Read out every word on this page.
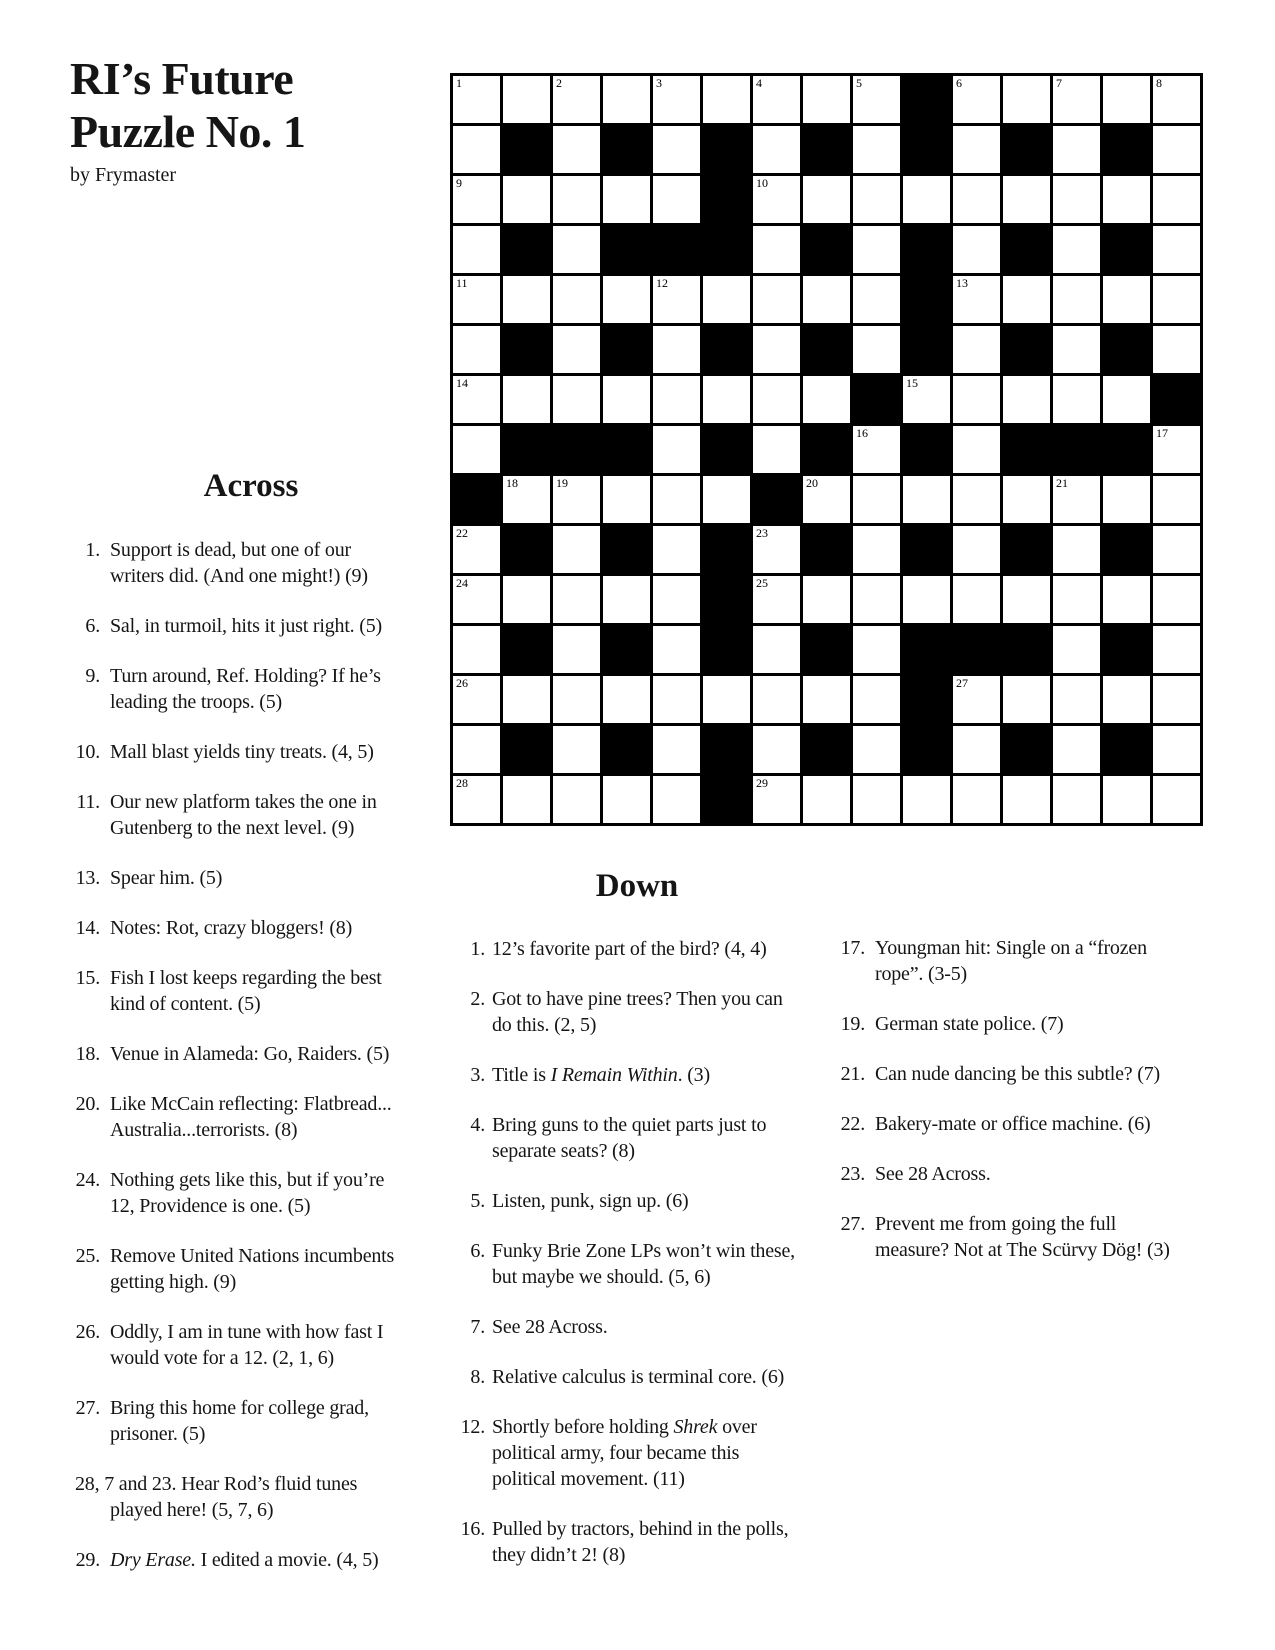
RI’s Future
Puzzle No. 1
by Frymaster
1	2	3	4	5	6	7	8
9	10
11	12	13
14	15
16	17
18	19	20	21
22	23
24	25
26	27
28	29
Across
1. Support is dead, but one of our
writers did. (And one might!) (9)
6. Sal, in turmoil, hits it just right. (5)
9. Turn around, Ref. Holding? If he’s
leading the troops. (5)
10. Mall blast yields tiny treats. (4, 5)
11. Our new platform takes the one in
Gutenberg to the next level. (9)
13. Spear him. (5)
14. Notes: Rot, crazy bloggers! (8)
15. Fish I lost keeps regarding the best
kind of content. (5)
18. Venue in Alameda: Go, Raiders. (5)
20. Like McCain reflecting: Flatbread...
Australia...terrorists. (8)
24. Nothing gets like this, but if you’re
12, Providence is one. (5)
25. Remove United Nations incumbents
getting high. (9)
26. Oddly, I am in tune with how fast I
would vote for a 12. (2, 1, 6)
27. Bring this home for college grad,
prisoner. (5)
28, 7 and 23. Hear Rod’s fluid tunes
played here! (5, 7, 6)
29. Dry Erase. I edited a movie. (4, 5)
Down
1. 12’s favorite part of the bird? (4, 4)
2. Got to have pine trees? Then you can
do this. (2, 5)
3. Title is I Remain Within. (3)
4. Bring guns to the quiet parts just to
separate seats? (8)
5. Listen, punk, sign up. (6)
6. Funky Brie Zone LPs won’t win these,
but maybe we should. (5, 6)
7. See 28 Across.
8. Relative calculus is terminal core. (6)
12. Shortly before holding Shrek over
political army, four became this
political movement. (11)
16. Pulled by tractors, behind in the polls,
they didn’t 2! (8)
17. Youngman hit: Single on a “frozen
rope”. (3-5)
19. German state police. (7)
21. Can nude dancing be this subtle? (7)
22. Bakery-mate or office machine. (6)
23. See 28 Across.
27. Prevent me from going the full
measure? Not at The Scürvy Dög! (3)
